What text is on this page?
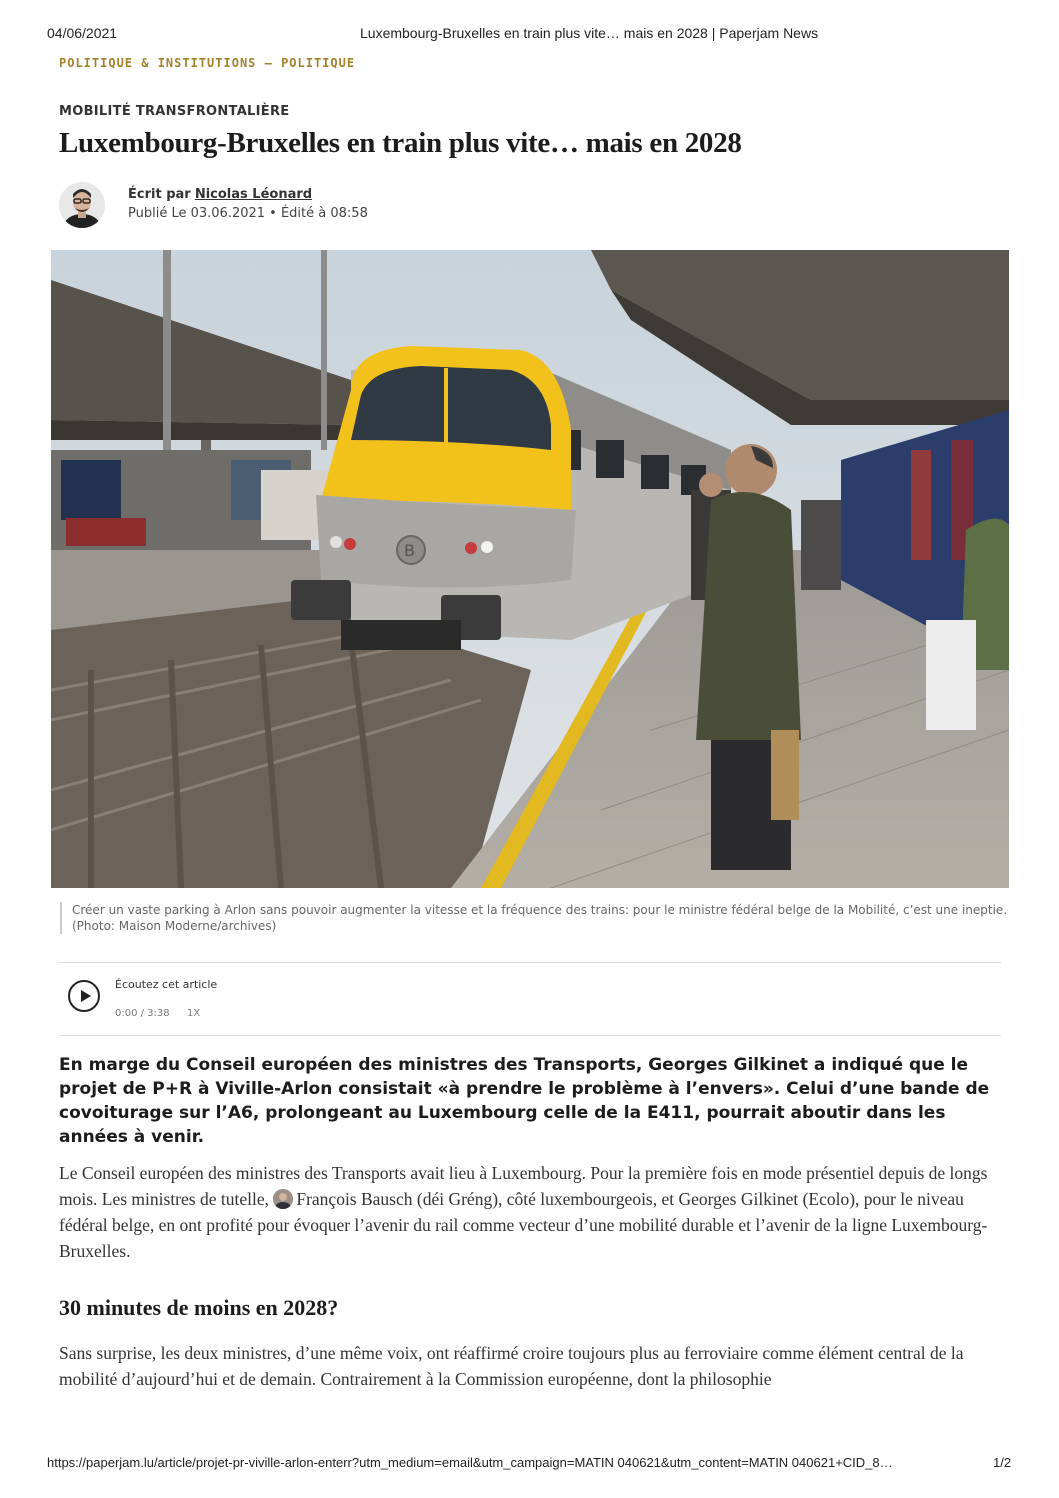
04/06/2021	Luxembourg-Bruxelles en train plus vite… mais en 2028 | Paperjam News
POLITIQUE & INSTITUTIONS — POLITIQUE
MOBILITÉ TRANSFRONTALIÈRE
Luxembourg-Bruxelles en train plus vite… mais en 2028
Écrit par Nicolas Léonard
Publié Le 03.06.2021 • Édité à 08:58
B
Créer un vaste parking à Arlon sans pouvoir augmenter la vitesse et la fréquence des trains: pour le ministre fédéral belge de la Mobilité, c’est une ineptie. (Photo: Maison Moderne/archives)
Écoutez cet article
0:00 / 3:38 1X

En marge du Conseil européen des ministres des Transports, Georges Gilkinet a indiqué que le projet de P+R à Viville-Arlon consistait «à prendre le problème à l’envers». Celui d’une bande de covoiturage sur l’A6, prolongeant au Luxembourg celle de la E411, pourrait aboutir dans les années à venir.

Le Conseil européen des ministres des Transports avait lieu à Luxembourg. Pour la première fois en mode présentiel depuis de longs mois. Les ministres de tutelle, François Bausch (déi Gréng), côté luxembourgeois, et Georges Gilkinet (Ecolo), pour le niveau fédéral belge, en ont profité pour évoquer l’avenir du rail comme vecteur d’une mobilité durable et l’avenir de la ligne Luxembourg-Bruxelles.

30 minutes de moins en 2028?

Sans surprise, les deux ministres, d’une même voix, ont réaffirmé croire toujours plus au ferroviaire comme élément central de la mobilité d’aujourd’hui et de demain. Contrairement à la Commission européenne, dont la philosophie

https://paperjam.lu/article/projet-pr-viville-arlon-enterr?utm_medium=email&utm_campaign=MATIN 040621&utm_content=MATIN 040621+CID_8…	1/2
